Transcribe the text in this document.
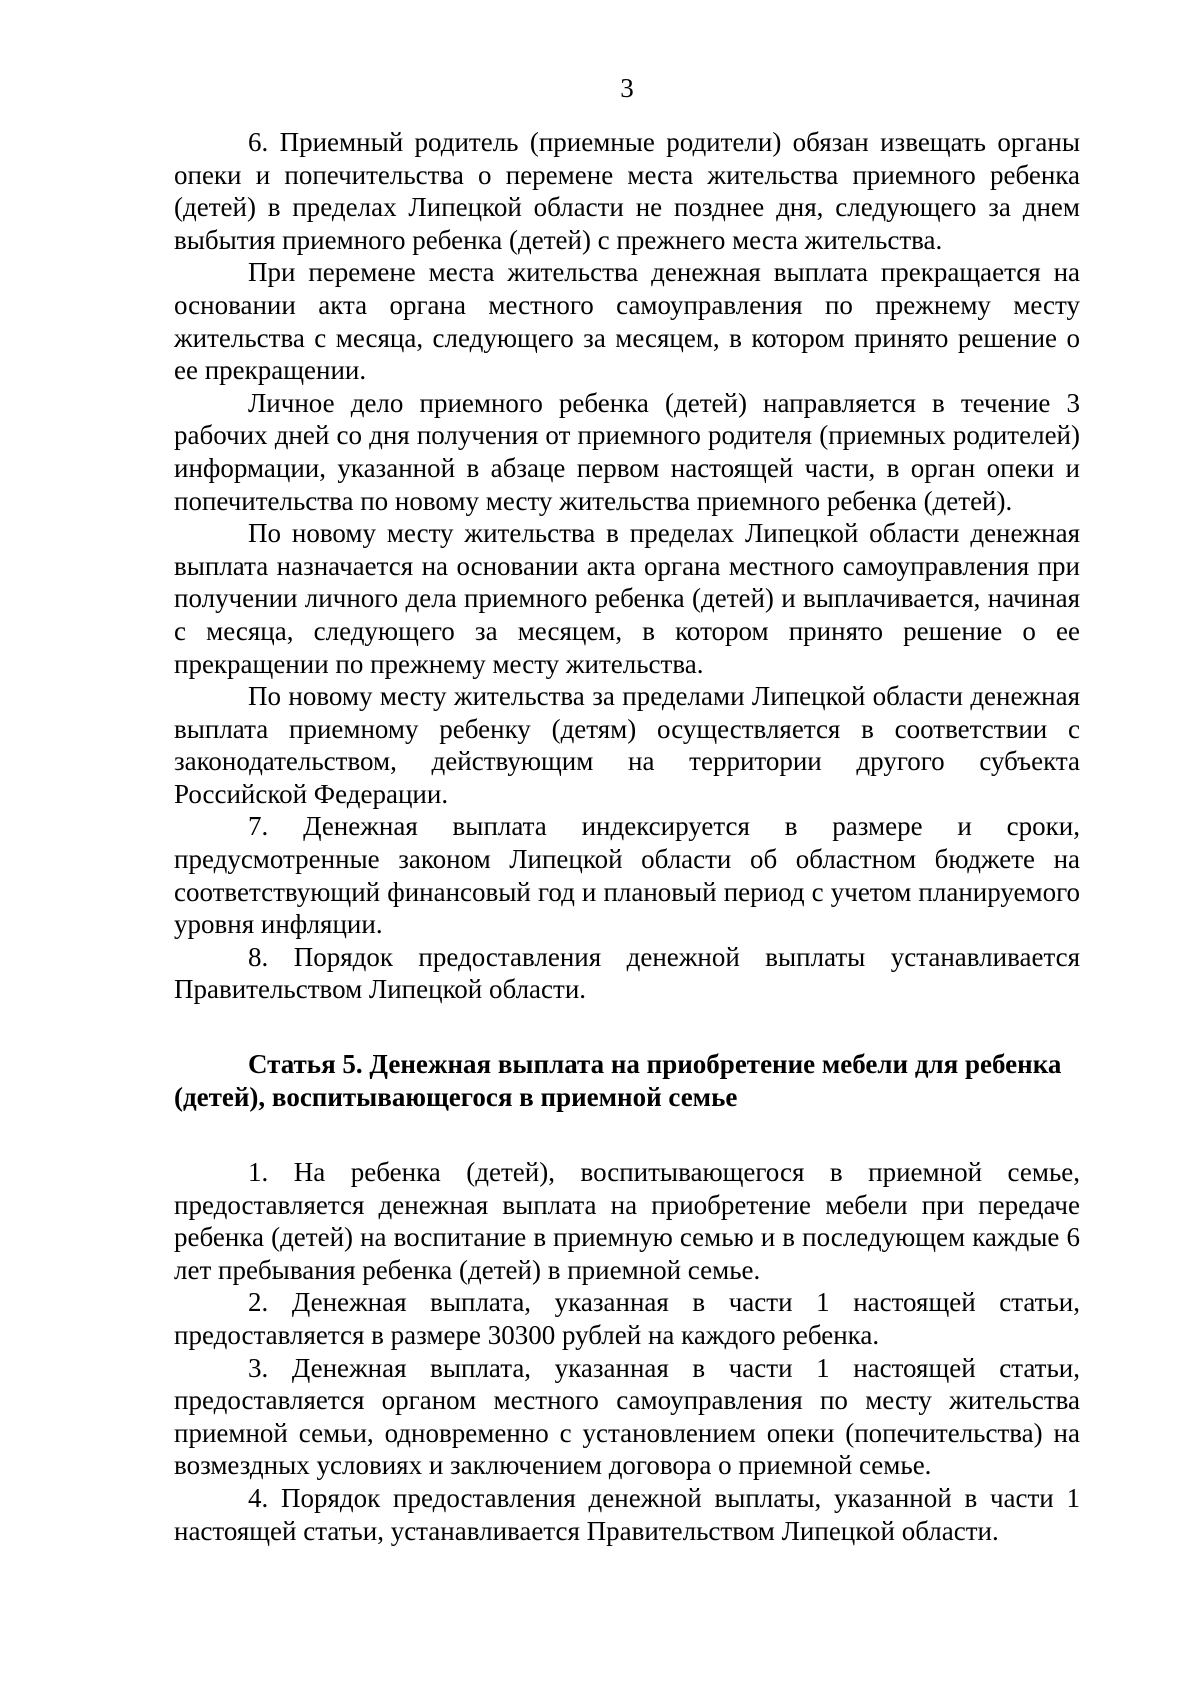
3

6. Приемный родитель (приемные родители) обязан извещать органы опеки и попечительства о перемене места жительства приемного ребенка (детей) в пределах Липецкой области не позднее дня, следующего за днем выбытия приемного ребенка (детей) с прежнего места жительства.

При перемене места жительства денежная выплата прекращается на основании акта органа местного самоуправления по прежнему месту жительства с месяца, следующего за месяцем, в котором принято решение о ее прекращении.

Личное дело приемного ребенка (детей) направляется в течение 3 рабочих дней со дня получения от приемного родителя (приемных родителей) информации, указанной в абзаце первом настоящей части, в орган опеки и попечительства по новому месту жительства приемного ребенка (детей).

По новому месту жительства в пределах Липецкой области денежная выплата назначается на основании акта органа местного самоуправления при получении личного дела приемного ребенка (детей) и выплачивается, начиная с месяца, следующего за месяцем, в котором принято решение о ее прекращении по прежнему месту жительства.

По новому месту жительства за пределами Липецкой области денежная выплата приемному ребенку (детям) осуществляется в соответствии с законодательством, действующим на территории другого субъекта Российской Федерации.

7. Денежная выплата индексируется в размере и сроки, предусмотренные законом Липецкой области об областном бюджете на соответствующий финансовый год и плановый период с учетом планируемого уровня инфляции.

8. Порядок предоставления денежной выплаты устанавливается Правительством Липецкой области.

Статья 5. Денежная выплата на приобретение мебели для ребенка (детей), воспитывающегося в приемной семье

1. На ребенка (детей), воспитывающегося в приемной семье, предоставляется денежная выплата на приобретение мебели при передаче ребенка (детей) на воспитание в приемную семью и в последующем каждые 6 лет пребывания ребенка (детей) в приемной семье.

2. Денежная выплата, указанная в части 1 настоящей статьи, предоставляется в размере 30300 рублей на каждого ребенка.

3. Денежная выплата, указанная в части 1 настоящей статьи, предоставляется органом местного самоуправления по месту жительства приемной семьи, одновременно с установлением опеки (попечительства) на возмездных условиях и заключением договора о приемной семье.

4. Порядок предоставления денежной выплаты, указанной в части 1 настоящей статьи, устанавливается Правительством Липецкой области.
